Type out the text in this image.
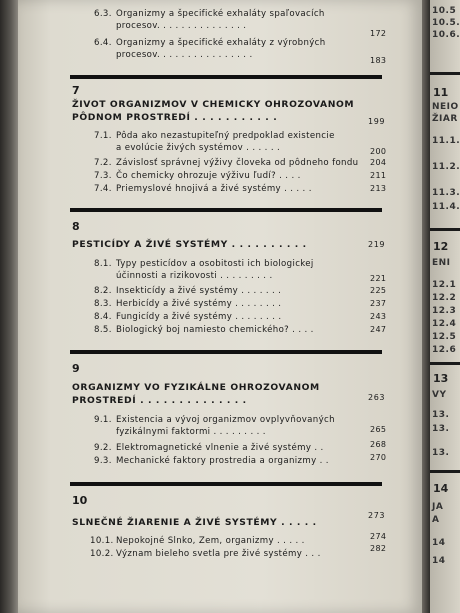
6.3. Organizmy a špecifické exhaláty spaľovacích
procesov. . . . . . . . . . . . . . .
172
6.4. Organizmy a špecifické exhaláty z výrobných
procesov. . . . . . . . . . . . . . . .
183
7
ŽIVOT ORGANIZMOV V CHEMICKY OHROZOVANOM
PÔDNOM PROSTREDÍ . . . . . . . . . . .	199
7.1. Pôda ako nezastupiteľný predpoklad existencie
a evolúcie živých systémov . . . . . .	200
7.2. Závislosť správnej výživy človeka od pôdneho fondu 204
7.3. Čo chemicky ohrozuje výživu ľudí? . . . .	211
7.4. Priemyslové hnojivá a živé systémy . . . . .	213
8
PESTICÍDY A ŽIVÉ SYSTÉMY . . . . . . . . . .	219
8.1. Typy pesticídov a osobitosti ich biologickej
účinnosti a rizikovosti . . . . . . . . .	221
8.2. Insekticídy a živé systémy . . . . . . .	225
8.3. Herbicídy a živé systémy . . . . . . . .	237
8.4. Fungicídy a živé systémy . . . . . . . .	243
8.5. Biologický boj namiesto chemického? . . . .	247
9
ORGANIZMY VO FYZIKÁLNE OHROZOVANOM
PROSTREDÍ . . . . . . . . . . . . . .	263
9.1. Existencia a vývoj organizmov ovplyvňovaných
fyzikálnymi faktormi . . . . . . . . .	265
9.2. Elektromagnetické vlnenie a živé systémy . .	268
9.3. Mechanické faktory prostredia a organizmy . .	270
10
SLNEČNÉ ŽIARENIE A ŽIVÉ SYSTÉMY . . . . .
273
10.1. Nepokojné Slnko, Zem, organizmy . . . . .	274
10.2. Význam bieleho svetla pre živé systémy . . .
282
10.5
10.5.
10.6.
11
NEIO
ŽIAR
11.1.
11.2.
11.3.
11.4.
12
ENI
12.1
12.2
12.3
12.4
12.5
12.6
13
VY
13.
13.
13.
14
JA
A
14
14
